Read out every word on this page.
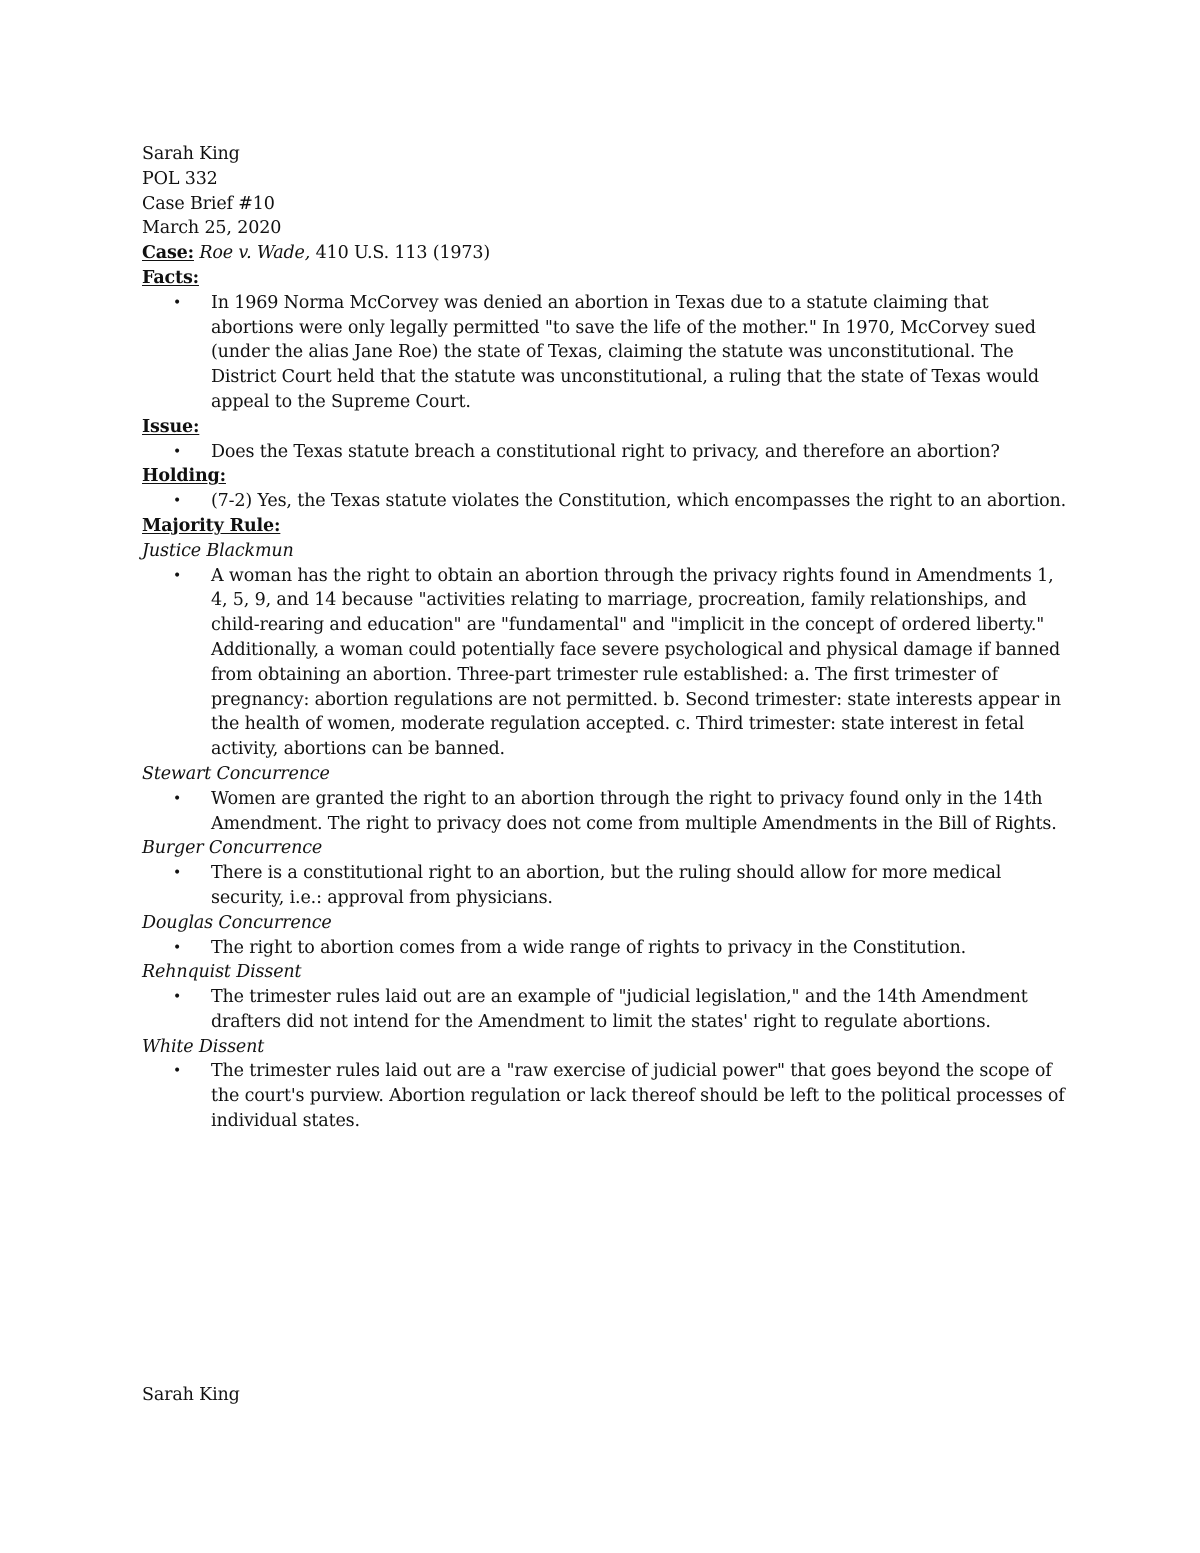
Sarah King

POL 332

Case Brief #10

March 25, 2020

Case: Roe v. Wade, 410 U.S. 113 (1973)

Facts:

• In 1969 Norma McCorvey was denied an abortion in Texas due to a statute claiming that abortions were only legally permitted "to save the life of the mother." In 1970, McCorvey sued (under the alias Jane Roe) the state of Texas, claiming the statute was unconstitutional. The District Court held that the statute was unconstitutional, a ruling that the state of Texas would appeal to the Supreme Court.

Issue:

• Does the Texas statute breach a constitutional right to privacy, and therefore an abortion?

Holding:

• (7-2) Yes, the Texas statute violates the Constitution, which encompasses the right to an abortion.

Majority Rule:

Justice Blackmun

• A woman has the right to obtain an abortion through the privacy rights found in Amendments 1, 4, 5, 9, and 14 because "activities relating to marriage, procreation, family relationships, and child-rearing and education" are "fundamental" and "implicit in the concept of ordered liberty." Additionally, a woman could potentially face severe psychological and physical damage if banned from obtaining an abortion. Three-part trimester rule established: a. The first trimester of pregnancy: abortion regulations are not permitted. b. Second trimester: state interests appear in the health of women, moderate regulation accepted. c. Third trimester: state interest in fetal activity, abortions can be banned.

Stewart Concurrence

• Women are granted the right to an abortion through the right to privacy found only in the 14th Amendment. The right to privacy does not come from multiple Amendments in the Bill of Rights.

Burger Concurrence

• There is a constitutional right to an abortion, but the ruling should allow for more medical security, i.e.: approval from physicians.

Douglas Concurrence

• The right to abortion comes from a wide range of rights to privacy in the Constitution.

Rehnquist Dissent

• The trimester rules laid out are an example of "judicial legislation," and the 14th Amendment drafters did not intend for the Amendment to limit the states' right to regulate abortions.

White Dissent

• The trimester rules laid out are a "raw exercise of judicial power" that goes beyond the scope of the court's purview. Abortion regulation or lack thereof should be left to the political processes of individual states.
Sarah King
